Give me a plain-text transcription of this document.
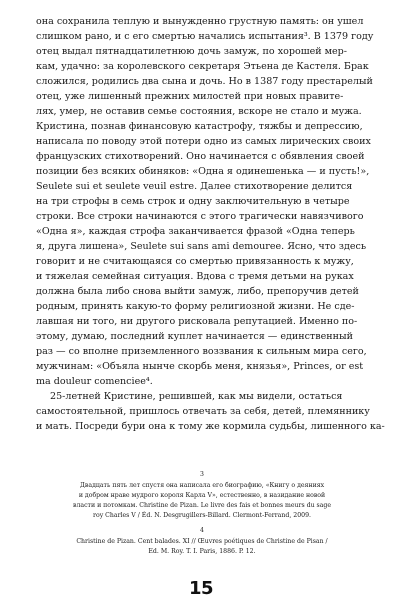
она сохранила теплую и вынужденно грустную память: он ушел
слишком рано, и с его смертью начались испытания³. В 1379 году
отец выдал пятнадцатилетнюю дочь замуж, по хорошей мер-
кам, удачно: за королевского секретаря Этьена де Кастеля. Брак
сложился, родились два сына и дочь. Но в 1387 году престарелый
отец, уже лишенный прежних милостей при новых правите-
лях, умер, не оставив семье состояния, вскоре не стало и мужа.
Кристина, познав финансовую катастрофу, тяжбы и депрессию,
написала по поводу этой потери одно из самых лирических своих
французских стихотворений. Оно начинается с обявления своей
позиции без всяких обиняков: «Одна я одинешенька — и пусть!»,
Seulete sui et seulete veuil estre. Далее стихотворение делится
на три строфы в семь строк и одну заключительную в четыре
строки. Все строки начинаются с этого трагически навязчивого
«Одна я», каждая строфа заканчивается фразой «Одна теперь
я, друга лишена», Seulete sui sans ami demouree. Ясно, что здесь
говорит и не считающаяся со смертью привязанность к мужу,
и тяжелая семейная ситуация. Вдова с тремя детьми на руках
должна была либо снова выйти замуж, либо, препоручив детей
родным, принять какую-то форму религиозной жизни. Не сде-
лавшая ни того, ни другого рисковала репутацией. Именно по-
этому, думаю, последний куплет начинается — единственный
раз — со вполне приземленного воззвания к сильным мира сего,
мужчинам: «Объяла нынче скорбь меня, князья», Princes, or est
ma douleur comenciee⁴.
25-летней Кристине, решившей, как мы видели, остаться
самостоятельной, пришлось отвечать за себя, детей, племяннику
и мать. Посреди бури она к тому же кормила судьбы, лишенного ка-
3
Двадцать пять лет спустя она написала его биографию, «Книгу о деяниях
и добром нраве мудрого короля Карла V», естественно, в назидание новой
власти и потомкам. Christine de Pizan. Le livre des fais et bonnes meurs du sage
roy Charles V / Éd. N. Desgrugillers-Billard. Clermont-Ferrand, 2009.
4
Christine de Pizan. Cent balades. XI // Œuvres poétiques de Christine de Pisan /
Ed. M. Roy. T. I. Paris, 1886. P. 12.
15
